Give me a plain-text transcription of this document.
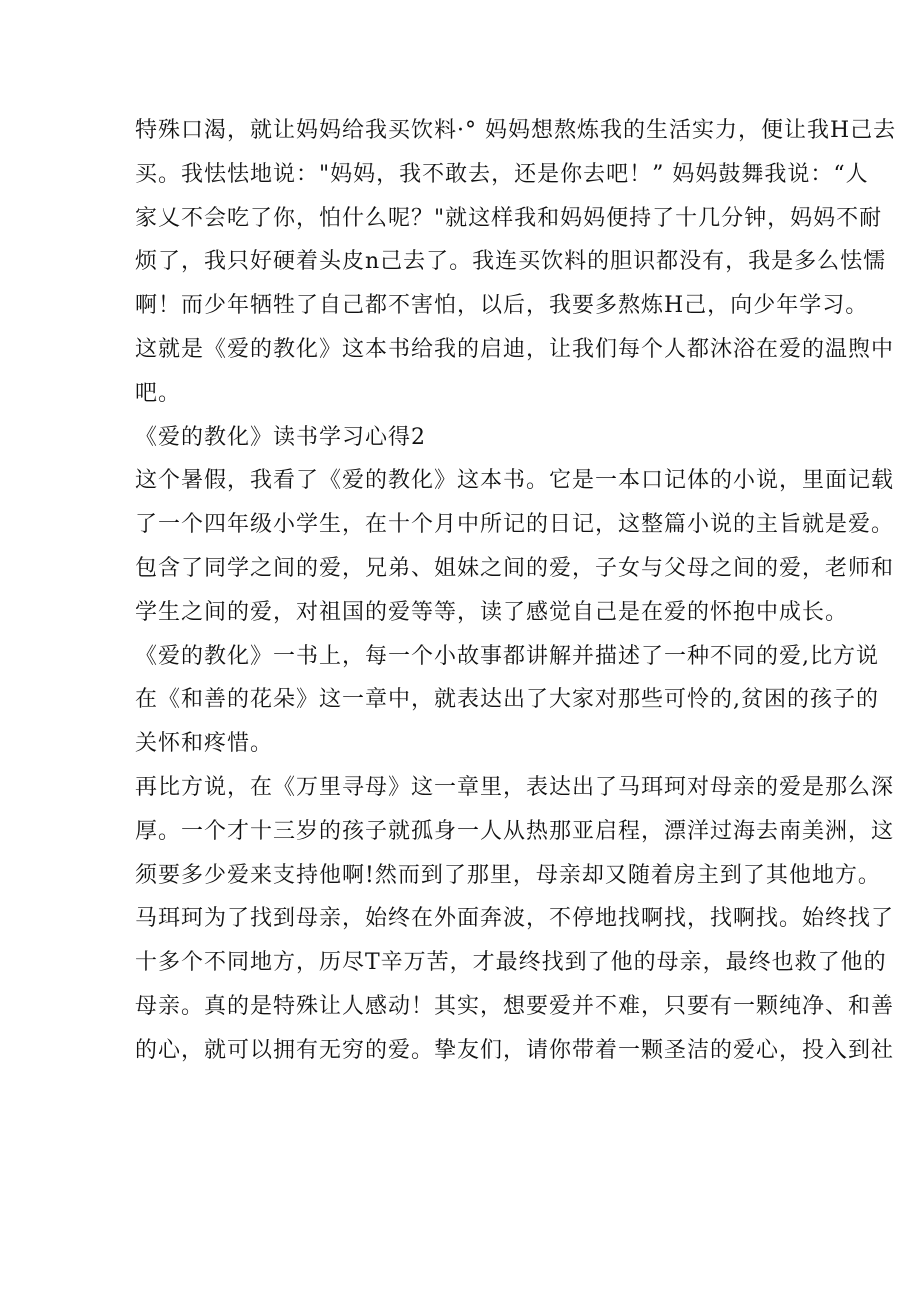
特殊口渴，就让妈妈给我买饮料·° 妈妈想熬炼我的生活实力，便让我H己去
买。我怯怯地说："妈妈，我不敢去，还是你去吧！” 妈妈鼓舞我说：“人
家乂不会吃了你，怕什么呢？"就这样我和妈妈便持了十几分钟，妈妈不耐
烦了，我只好硬着头皮n己去了。我连买饮料的胆识都没有，我是多么怯懦
啊！而少年牺牲了自己都不害怕，以后，我要多熬炼H己，向少年学习。
这就是《爱的教化》这本书给我的启迪，让我们每个人都沐浴在爱的温煦中
吧。
《爱的教化》读书学习心得2
这个暑假，我看了《爱的教化》这本书。它是一本口记体的小说，里面记载
了一个四年级小学生，在十个月中所记的日记，这整篇小说的主旨就是爱。
包含了同学之间的爱，兄弟、姐妹之间的爱，子女与父母之间的爱，老师和
学生之间的爱，对祖国的爱等等，读了感觉自己是在爱的怀抱中成长。
《爱的教化》一书上，每一个小故事都讲解并描述了一种不同的爱,比方说
在《和善的花朵》这一章中，就表达出了大家对那些可怜的,贫困的孩子的
关怀和疼惜。
再比方说，在《万里寻母》这一章里，表达出了马珥珂对母亲的爱是那么深
厚。一个才十三岁的孩子就孤身一人从热那亚启程，漂洋过海去南美洲，这
须要多少爱来支持他啊!然而到了那里，母亲却又随着房主到了其他地方。
马珥珂为了找到母亲，始终在外面奔波，不停地找啊找，找啊找。始终找了
十多个不同地方，历尽T辛万苦，才最终找到了他的母亲，最终也救了他的
母亲。真的是特殊让人感动！其实，想要爱并不难，只要有一颗纯净、和善
的心，就可以拥有无穷的爱。挚友们，请你带着一颗圣洁的爱心，投入到社
